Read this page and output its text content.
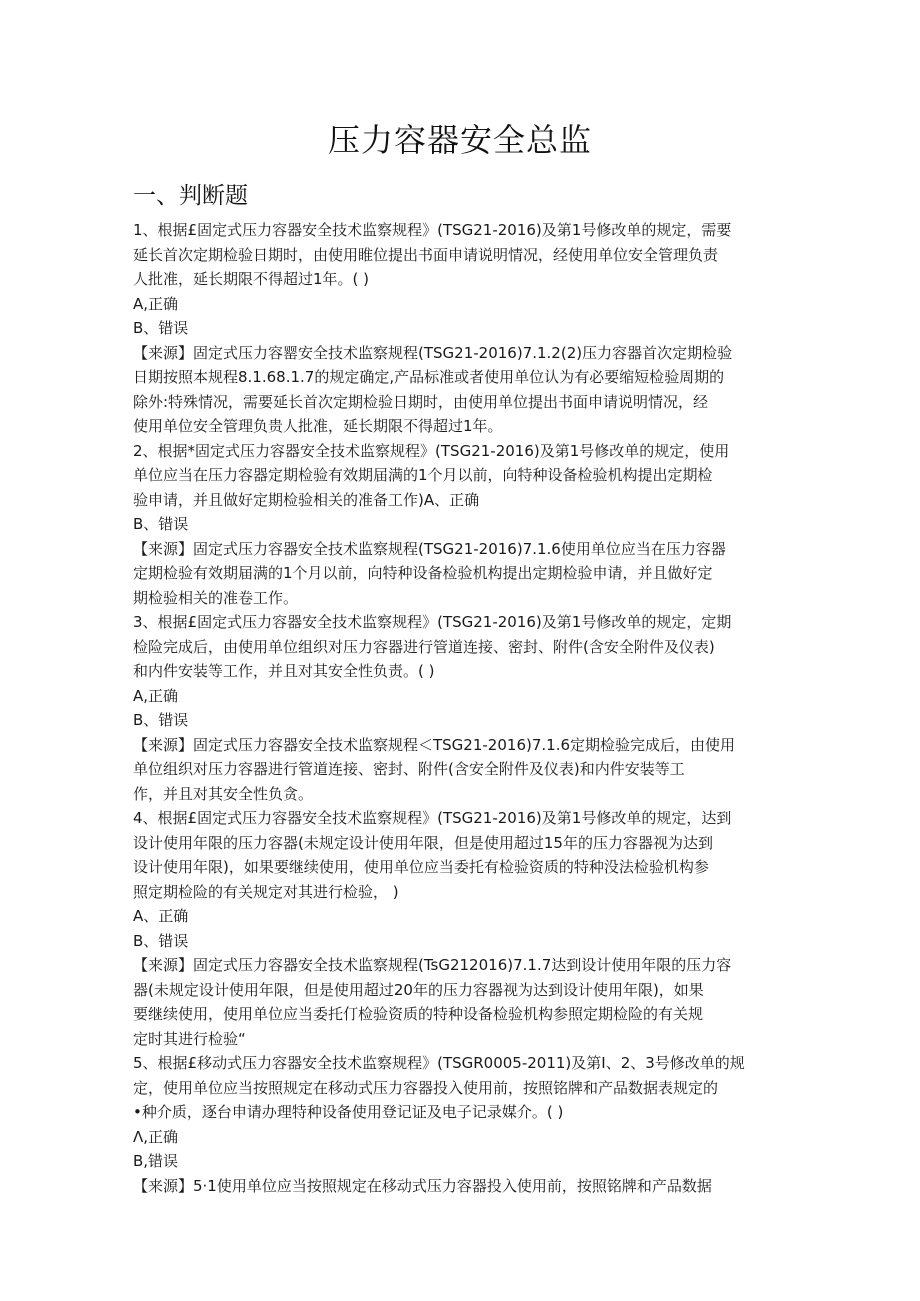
压力容器安全总监
一、判断题
1、根据£固定式压力容器安全技术监察规程》(TSG21-2016)及第1号修改单的规定，需要
延长首次定期检验日期时，由使用睢位提出书面申请说明情况，经使用单位安全管理负责
人批准，延长期限不得超过1年。( )
A,正确
B、错误
【来源】固定式压力容罂安全技术监察规程(TSG21-2016)7.1.2(2)压力容器首次定期检验
日期按照本规程8.1.68.1.7的规定确定,产品标准或者使用单位认为有必要缩短检验周期的
除外:特殊情况，需要延长首次定期检验日期时，由使用单位提出书面申请说明情况，经
使用单位安全管理负贵人批准，延长期限不得超过1年。
2、根据*固定式压力容器安全技术监察规程》(TSG21-2016)及第1号修改单的规定，使用
单位应当在压力容器定期检验有效期届满的1个月以前，向特种设备检验机构提出定期检
验申请，并且做好定期检验相关的准备工作)A、正确
B、错误
【来源】固定式压力容器安全技术监察规程(TSG21-2016)7.1.6使用单位应当在压力容器
定期检验有效期届满的1个月以前，向特种设备检验机构提出定期检验申请，并且做好定
期检验相关的准卷工作。
3、根据£固定式压力容器安全技术监察规程》(TSG21-2016)及第1号修改单的规定，定期
检险完成后，由使用单位组织对压力容器进行管道连接、密封、附件(含安全附件及仪表)
和内件安装等工作，并且对其安全性负责。( )
A,正确
B、错误
【来源】固定式压力容器安全技术监察规程＜TSG21-2016)7.1.6定期检验完成后，由使用
单位组织对压力容器进行管道连接、密封、附件(含安全附件及仪表)和内件安装等工
作，并且对其安全性负贪。
4、根据£固定式压力容器安全技术监察规程》(TSG21-2016)及第1号修改单的规定，达到
设计使用年限的压力容器(未规定设计使用年限，但是使用超过15年的压力容器视为达到
设计使用年限)，如果要继续使用，使用单位应当委托有检验资质的特种没法检验机构参
照定期检险的有关规定对其进行检验， )
A、正确
B、错误
【来源】固定式压力容器安全技术监察规程(TsG212016)7.1.7达到设计使用年限的压力容
器(未规定设计使用年限，但是使用超过20年的压力容器视为达到设计使用年限)，如果
要继续使用，使用单位应当委托仃检验资质的特种设备检验机构参照定期检险的有关规
定时其进行检验“
5、根据£移动式压力容器安全技术监察规程》(TSGR0005-2011)及第I、2、3号修改单的规
定，使用单位应当按照规定在移动式压力容器投入使用前，按照铭牌和产品数据表规定的
•种介质，逐台申请办理特种设备使用登记证及电子记录媒介。( )
Λ,正确
B,错误
【来源】5·1使用单位应当按照规定在移动式压力容器投入使用前，按照铭牌和产品数据
